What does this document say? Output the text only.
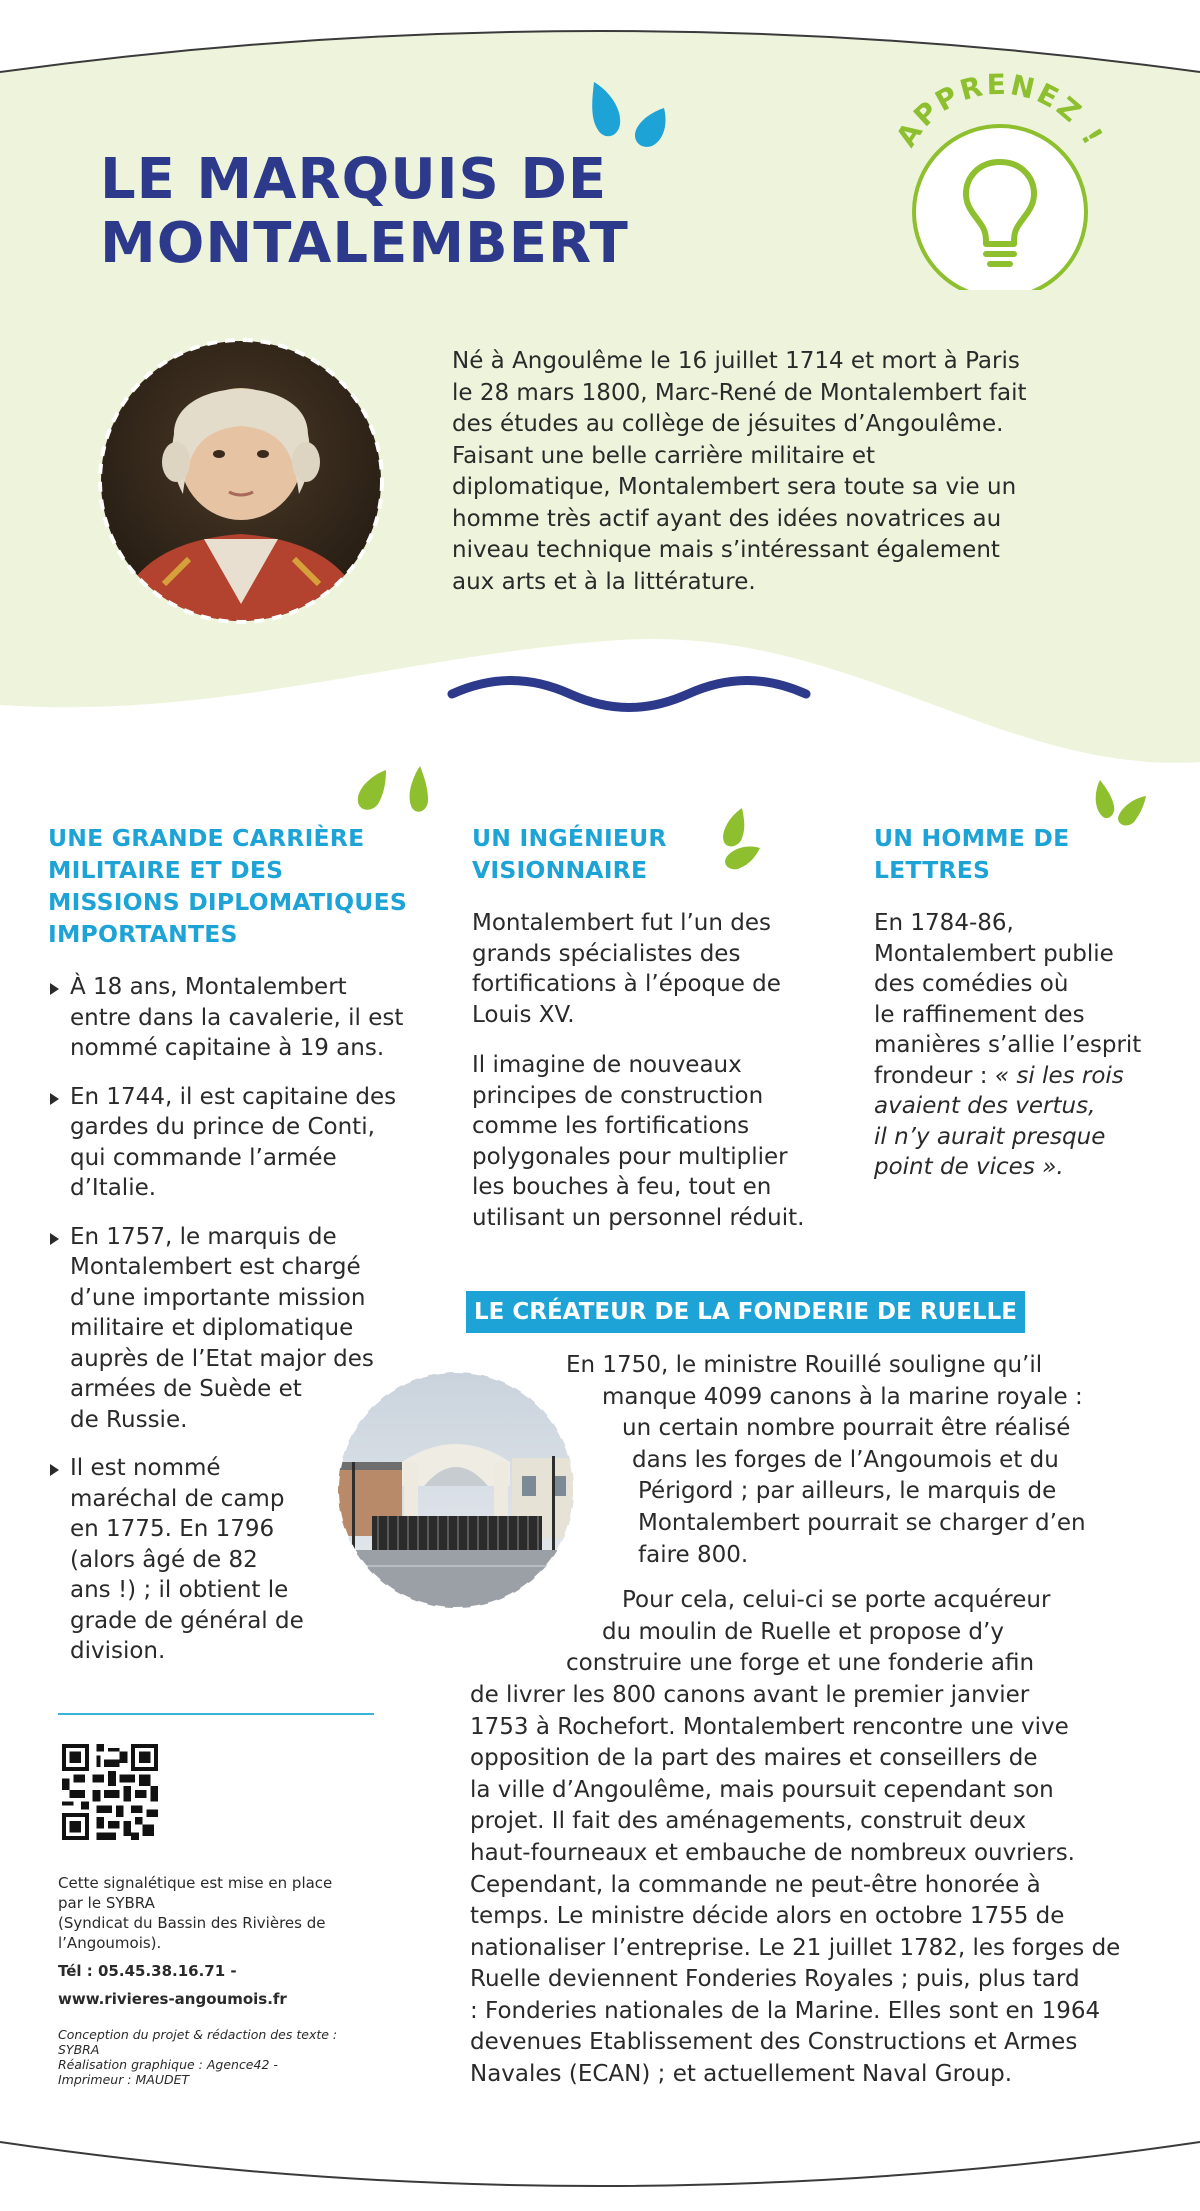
LE MARQUIS DE
MONTALEMBERT
APPRENEZ !
Né à Angoulême le 16 juillet 1714 et mort à Paris
le 28 mars 1800, Marc-René de Montalembert fait
des études au collège de jésuites d’Angoulême.
Faisant une belle carrière militaire et
diplomatique, Montalembert sera toute sa vie un
homme très actif ayant des idées novatrices au
niveau technique mais s’intéressant également
aux arts et à la littérature.
UNE GRANDE CARRIÈRE
MILITAIRE ET DES
MISSIONS DIPLOMATIQUES
IMPORTANTES
À 18 ans, Montalembert
entre dans la cavalerie, il est
nommé capitaine à 19 ans.
En 1744, il est capitaine des
gardes du prince de Conti,
qui commande l’armée
d’Italie.
En 1757, le marquis de
Montalembert est chargé
d’une importante mission
militaire et diplomatique
auprès de l’Etat major des
armées de Suède et
de Russie.
Il est nommé
maréchal de camp
en 1775. En 1796
(alors âgé de 82
ans !) ; il obtient le
grade de général de
division.
UN INGÉNIEUR
VISIONNAIRE
Montalembert fut l’un des
grands spécialistes des
fortifications à l’époque de
Louis XV.
Il imagine de nouveaux
principes de construction
comme les fortifications
polygonales pour multiplier
les bouches à feu, tout en
utilisant un personnel réduit.
UN HOMME DE
LETTRES
En 1784-86,
Montalembert publie
des comédies où
le raffinement des
manières s’allie l’esprit
frondeur : « si les rois
avaient des vertus,
il n’y aurait presque
point de vices ».
LE CRÉATEUR DE LA FONDERIE DE RUELLE
En 1750, le ministre Rouillé souligne qu’il
manque 4099 canons à la marine royale :
un certain nombre pourrait être réalisé
dans les forges de l’Angoumois et du
Périgord ; par ailleurs, le marquis de
Montalembert pourrait se charger d’en
faire 800.
Pour cela, celui-ci se porte acquéreur
du moulin de Ruelle et propose d’y
construire une forge et une fonderie afin
de livrer les 800 canons avant le premier janvier
1753 à Rochefort. Montalembert rencontre une vive
opposition de la part des maires et conseillers de
la ville d’Angoulême, mais poursuit cependant son
projet. Il fait des aménagements, construit deux
haut-fourneaux et embauche de nombreux ouvriers.
Cependant, la commande ne peut-être honorée à
temps. Le ministre décide alors en octobre 1755 de
nationaliser l’entreprise. Le 21 juillet 1782, les forges de
Ruelle deviennent Fonderies Royales ; puis, plus tard
: Fonderies nationales de la Marine. Elles sont en 1964
devenues Etablissement des Constructions et Armes
Navales (ECAN) ; et actuellement Naval Group.
Cette signalétique est mise en place
par le SYBRA
(Syndicat du Bassin des Rivières de
l’Angoumois).
Tél : 05.45.38.16.71 -
www.rivieres-angoumois.fr
Conception du projet & rédaction des texte :
SYBRA
Réalisation graphique : Agence42 -
Imprimeur : MAUDET
